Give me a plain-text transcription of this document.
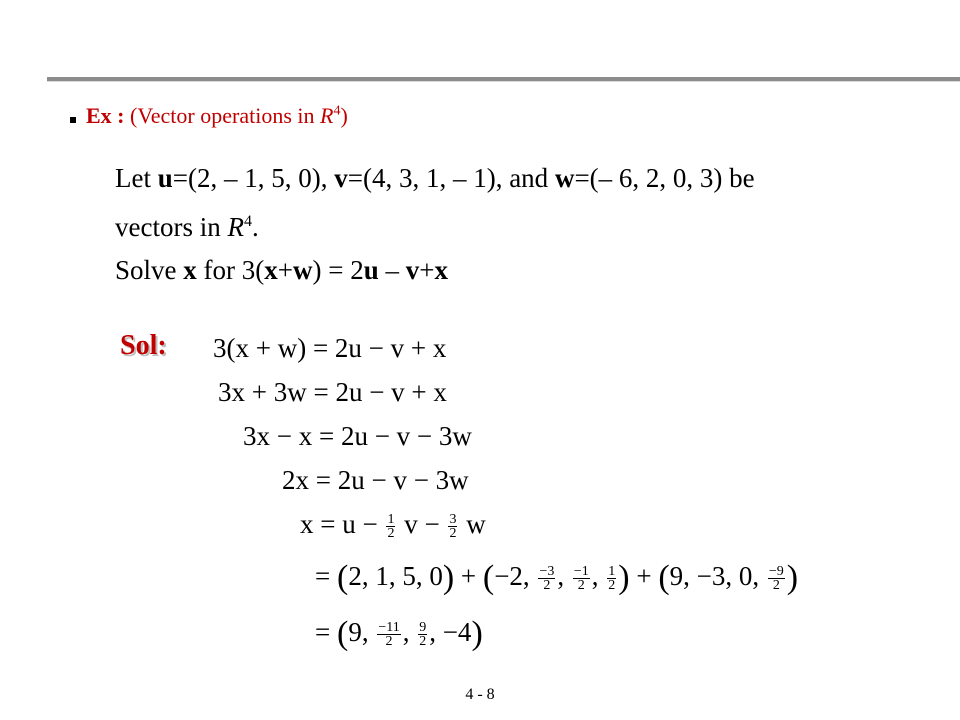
Ex : (Vector operations in $R^4$)
Let u=(2, – 1, 5, 0), v=(4, 3, 1, – 1), and w=(– 6, 2, 0, 3) be
vectors in $R^4$.
Solve x for 3(x+w) = 2u – v+x
Sol: 3(x + w) = 2u − v + x
3x + 3w = 2u − v + x
3x − x = 2u − v − 3w
2x = 2u − v − 3w
$x = u - \frac{1}{2}$ $v - \frac{3}{2}$ w
= (2, 1, 5, 0) + (−2, $\frac{-3}{2}$ , $\frac{-1}{2}$ , $\frac{1}{2}$ ) + (9, −3, 0, $\frac{-9}{2}$ )
= (9, $\frac{-11}{2}$ , $\frac{9}{2}$ , −4)
4 - 8
